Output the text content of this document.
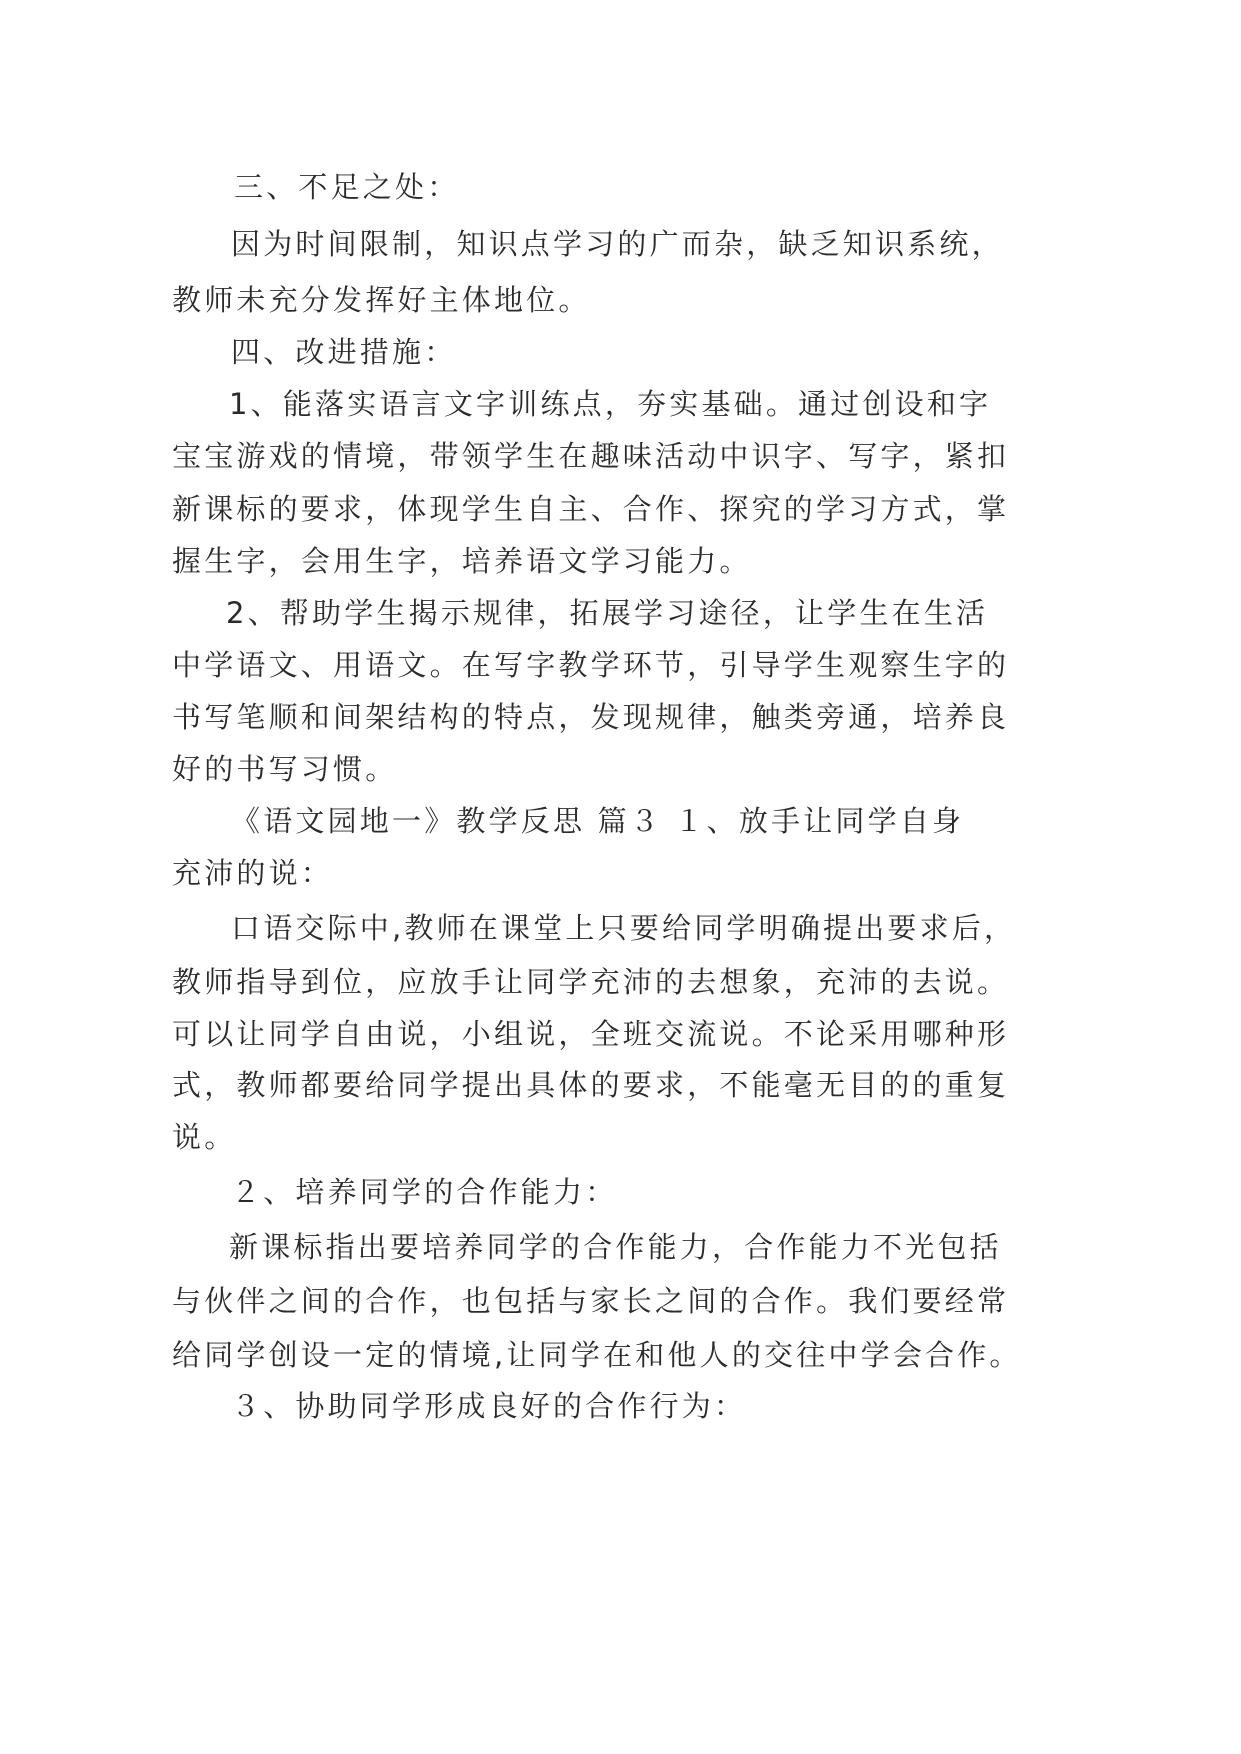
三、不足之处：
因为时间限制，知识点学习的广而杂，缺乏知识系统，
教师未充分发挥好主体地位。
四、改进措施：
1、能落实语言文字训练点，夯实基础。通过创设和字
宝宝游戏的情境，带领学生在趣味活动中识字、写字，紧扣
新课标的要求，体现学生自主、合作、探究的学习方式，掌
握生字，会用生字，培养语文学习能力。
2、帮助学生揭示规律，拓展学习途径，让学生在生活
中学语文、用语文。在写字教学环节，引导学生观察生字的
书写笔顺和间架结构的特点，发现规律，触类旁通，培养良
好的书写习惯。
《语文园地一》教学反思 篇３ １、放手让同学自身
充沛的说：
口语交际中,教师在课堂上只要给同学明确提出要求后，
教师指导到位，应放手让同学充沛的去想象，充沛的去说。
可以让同学自由说，小组说，全班交流说。不论采用哪种形
式，教师都要给同学提出具体的要求，不能毫无目的的重复
说。
２、培养同学的合作能力：
新课标指出要培养同学的合作能力，合作能力不光包括
与伙伴之间的合作，也包括与家长之间的合作。我们要经常
给同学创设一定的情境,让同学在和他人的交往中学会合作。
３、协助同学形成良好的合作行为：
